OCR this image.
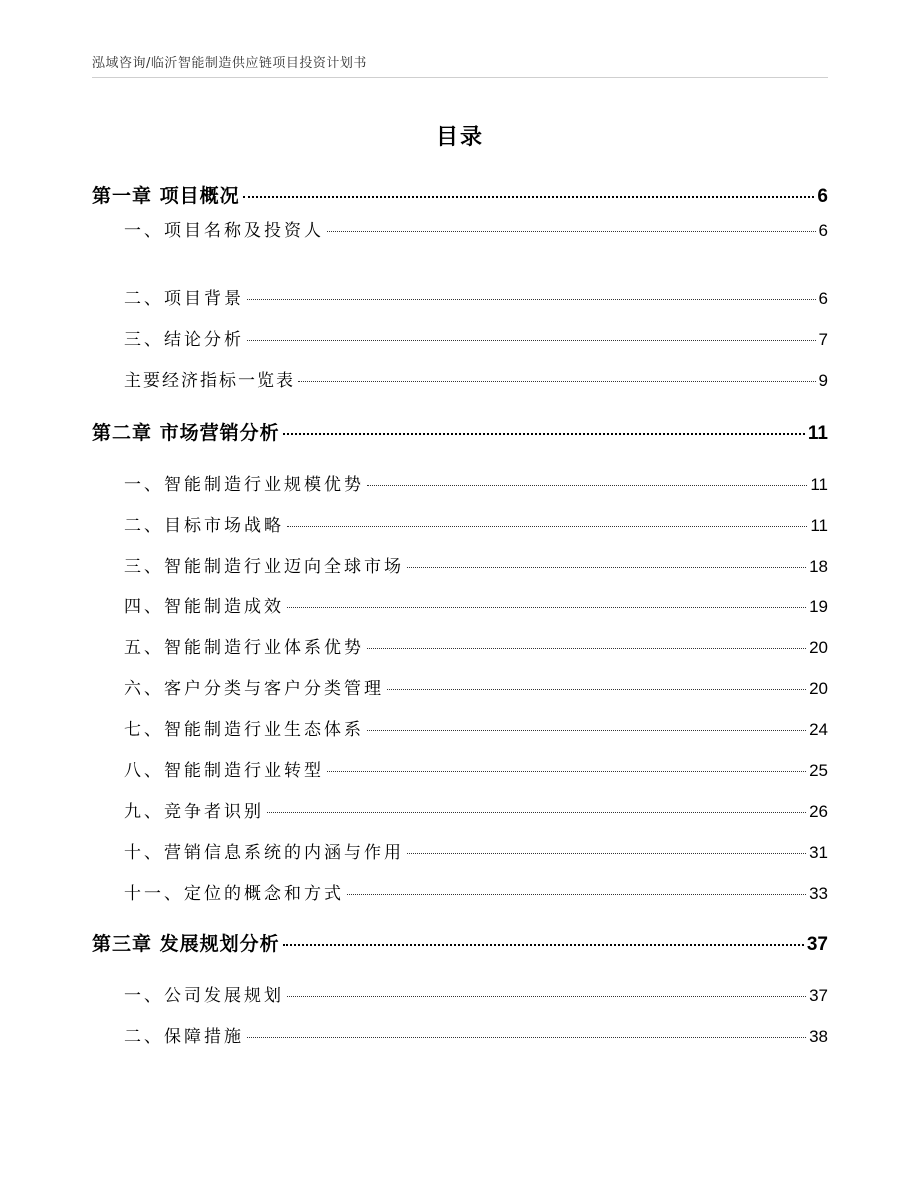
泓域咨询/临沂智能制造供应链项目投资计划书
目录
第一章 项目概况	6
一、项目名称及投资人	6
二、项目背景	6
三、结论分析	7
主要经济指标一览表	9
第二章 市场营销分析	11
一、智能制造行业规模优势	11
二、目标市场战略	11
三、智能制造行业迈向全球市场	18
四、智能制造成效	19
五、智能制造行业体系优势	20
六、客户分类与客户分类管理	20
七、智能制造行业生态体系	24
八、智能制造行业转型	25
九、竞争者识别	26
十、营销信息系统的内涵与作用	31
十一、定位的概念和方式	33
第三章 发展规划分析	37
一、公司发展规划	37
二、保障措施	38
